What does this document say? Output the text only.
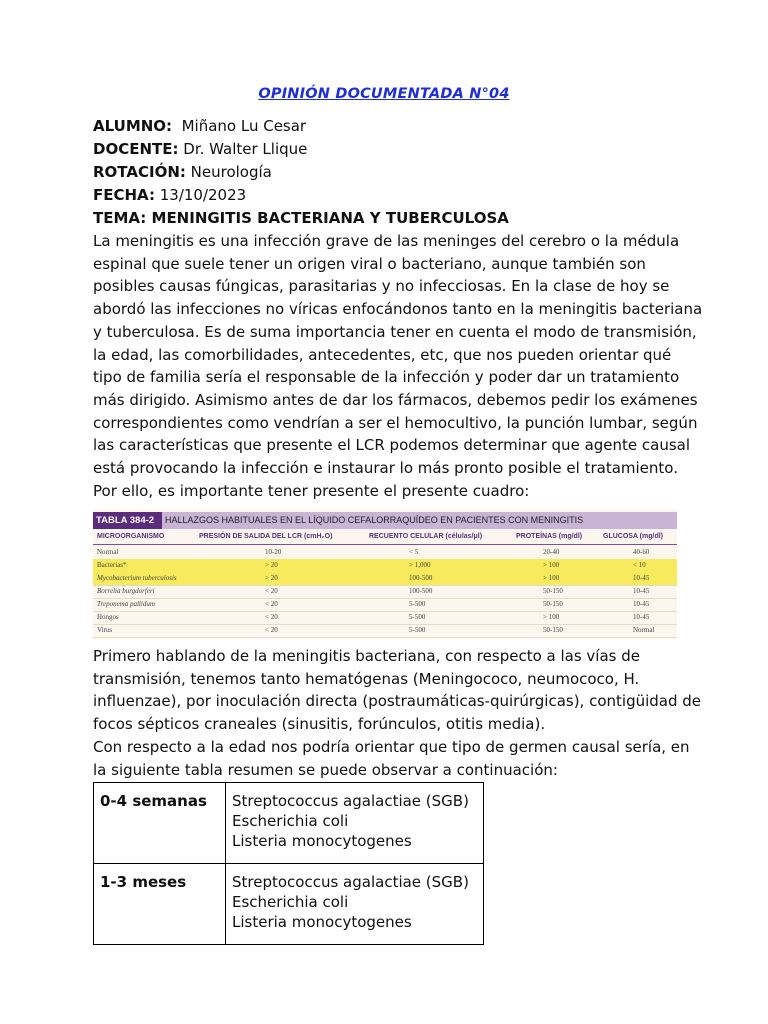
OPINIÓN DOCUMENTADA N°04
ALUMNO: Miñano Lu Cesar
DOCENTE: Dr. Walter Llique
ROTACIÓN: Neurología
FECHA: 13/10/2023
TEMA: MENINGITIS BACTERIANA Y TUBERCULOSA
La meningitis es una infección grave de las meninges del cerebro o la médula
espinal que suele tener un origen viral o bacteriano, aunque también son
posibles causas fúngicas, parasitarias y no infecciosas. En la clase de hoy se
abordó las infecciones no víricas enfocándonos tanto en la meningitis bacteriana
y tuberculosa. Es de suma importancia tener en cuenta el modo de transmisión,
la edad, las comorbilidades, antecedentes, etc, que nos pueden orientar qué
tipo de familia sería el responsable de la infección y poder dar un tratamiento
más dirigido. Asimismo antes de dar los fármacos, debemos pedir los exámenes
correspondientes como vendrían a ser el hemocultivo, la punción lumbar, según
las características que presente el LCR podemos determinar que agente causal
está provocando la infección e instaurar lo más pronto posible el tratamiento.
Por ello, es importante tener presente el presente cuadro:
TABLA 384-2	HALLAZGOS HABITUALES EN EL LÍQUIDO CEFALORRAQUÍDEO EN PACIENTES CON MENINGITIS
MICROORGANISMO	PRESIÓN DE SALIDA DEL LCR (cmH₂O)	RECUENTO CELULAR (células/μl)	PROTEÍNAS (mg/dl)	GLUCOSA (mg/dl)
Normal	10-20	< 5	20-40	40-60
Bacterias*	> 20	> 1,000	> 100	< 10
Mycobacterium tuberculosis	> 20	100-500	> 100	10-45
Borrelia burgdorferi	< 20	100-500	50-150	10-45
Treponema pallidum	< 20	5-500	50-150	10-45
Hongos	< 20	5-500	> 100	10-45
Virus	< 20	5-500	50-150	Normal
Primero hablando de la meningitis bacteriana, con respecto a las vías de
transmisión, tenemos tanto hematógenas (Meningococo, neumococo, H.
influenzae), por inoculación directa (postraumáticas-quirúrgicas), contigüidad de
focos sépticos craneales (sinusitis, forúnculos, otitis media).
Con respecto a la edad nos podría orientar que tipo de germen causal sería, en
la siguiente tabla resumen se puede observar a continuación:
0-4 semanas	Streptococcus agalactiae (SGB)
Escherichia coli
Listeria monocytogenes

1-3 meses	Streptococcus agalactiae (SGB)
Escherichia coli
Listeria monocytogenes
